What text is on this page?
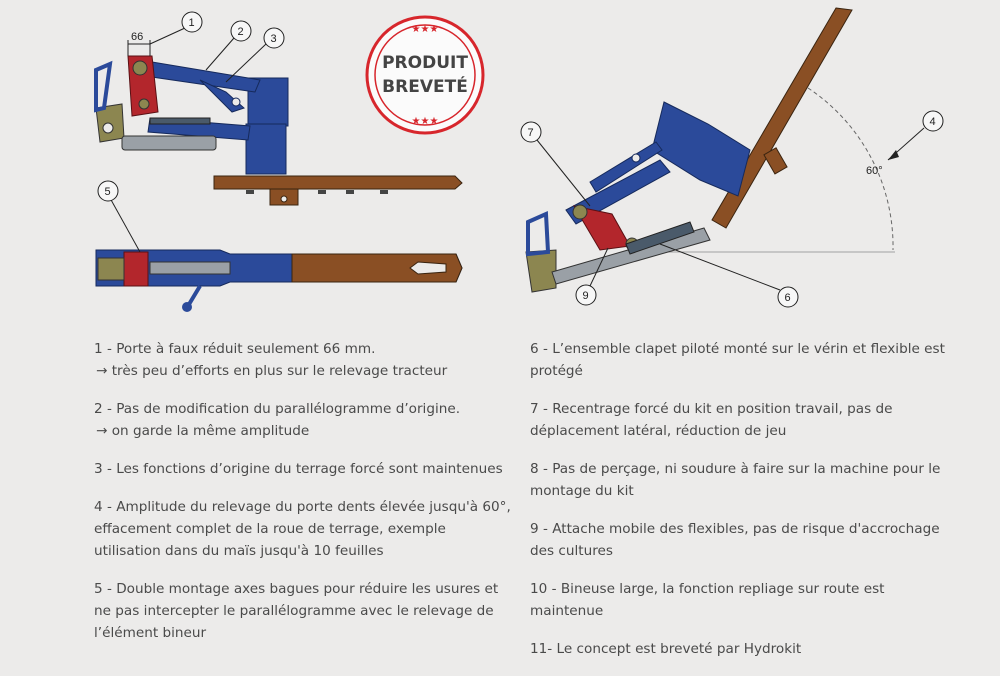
66
1
2
3
5
★★★
PRODUIT
BREVETÉ
★★★
60°
4
7
9	6
1 - Porte à faux réduit seulement 66 mm.
→ très peu d’efforts en plus sur le relevage tracteur
2 - Pas de modification du parallélogramme d’origine.
→ on garde la même amplitude
3 - Les fonctions d’origine du terrage forcé sont maintenues
4 - Amplitude du relevage du porte dents élevée jusqu'à 60°, effacement complet de la roue de terrage, exemple utilisation dans du maïs jusqu'à 10 feuilles
5 - Double montage axes bagues pour réduire les usures et ne pas intercepter le parallélogramme avec le relevage de l’élément bineur
6 - L’ensemble clapet piloté monté sur le vérin et flexible est protégé
7 - Recentrage forcé du kit en position travail, pas de déplacement latéral, réduction de jeu
8 - Pas de perçage, ni soudure à faire sur la machine pour le montage du kit
9 - Attache mobile des flexibles, pas de risque d'accrochage des cultures
10 - Bineuse large, la fonction repliage sur route est maintenue
11- Le concept est breveté par Hydrokit
